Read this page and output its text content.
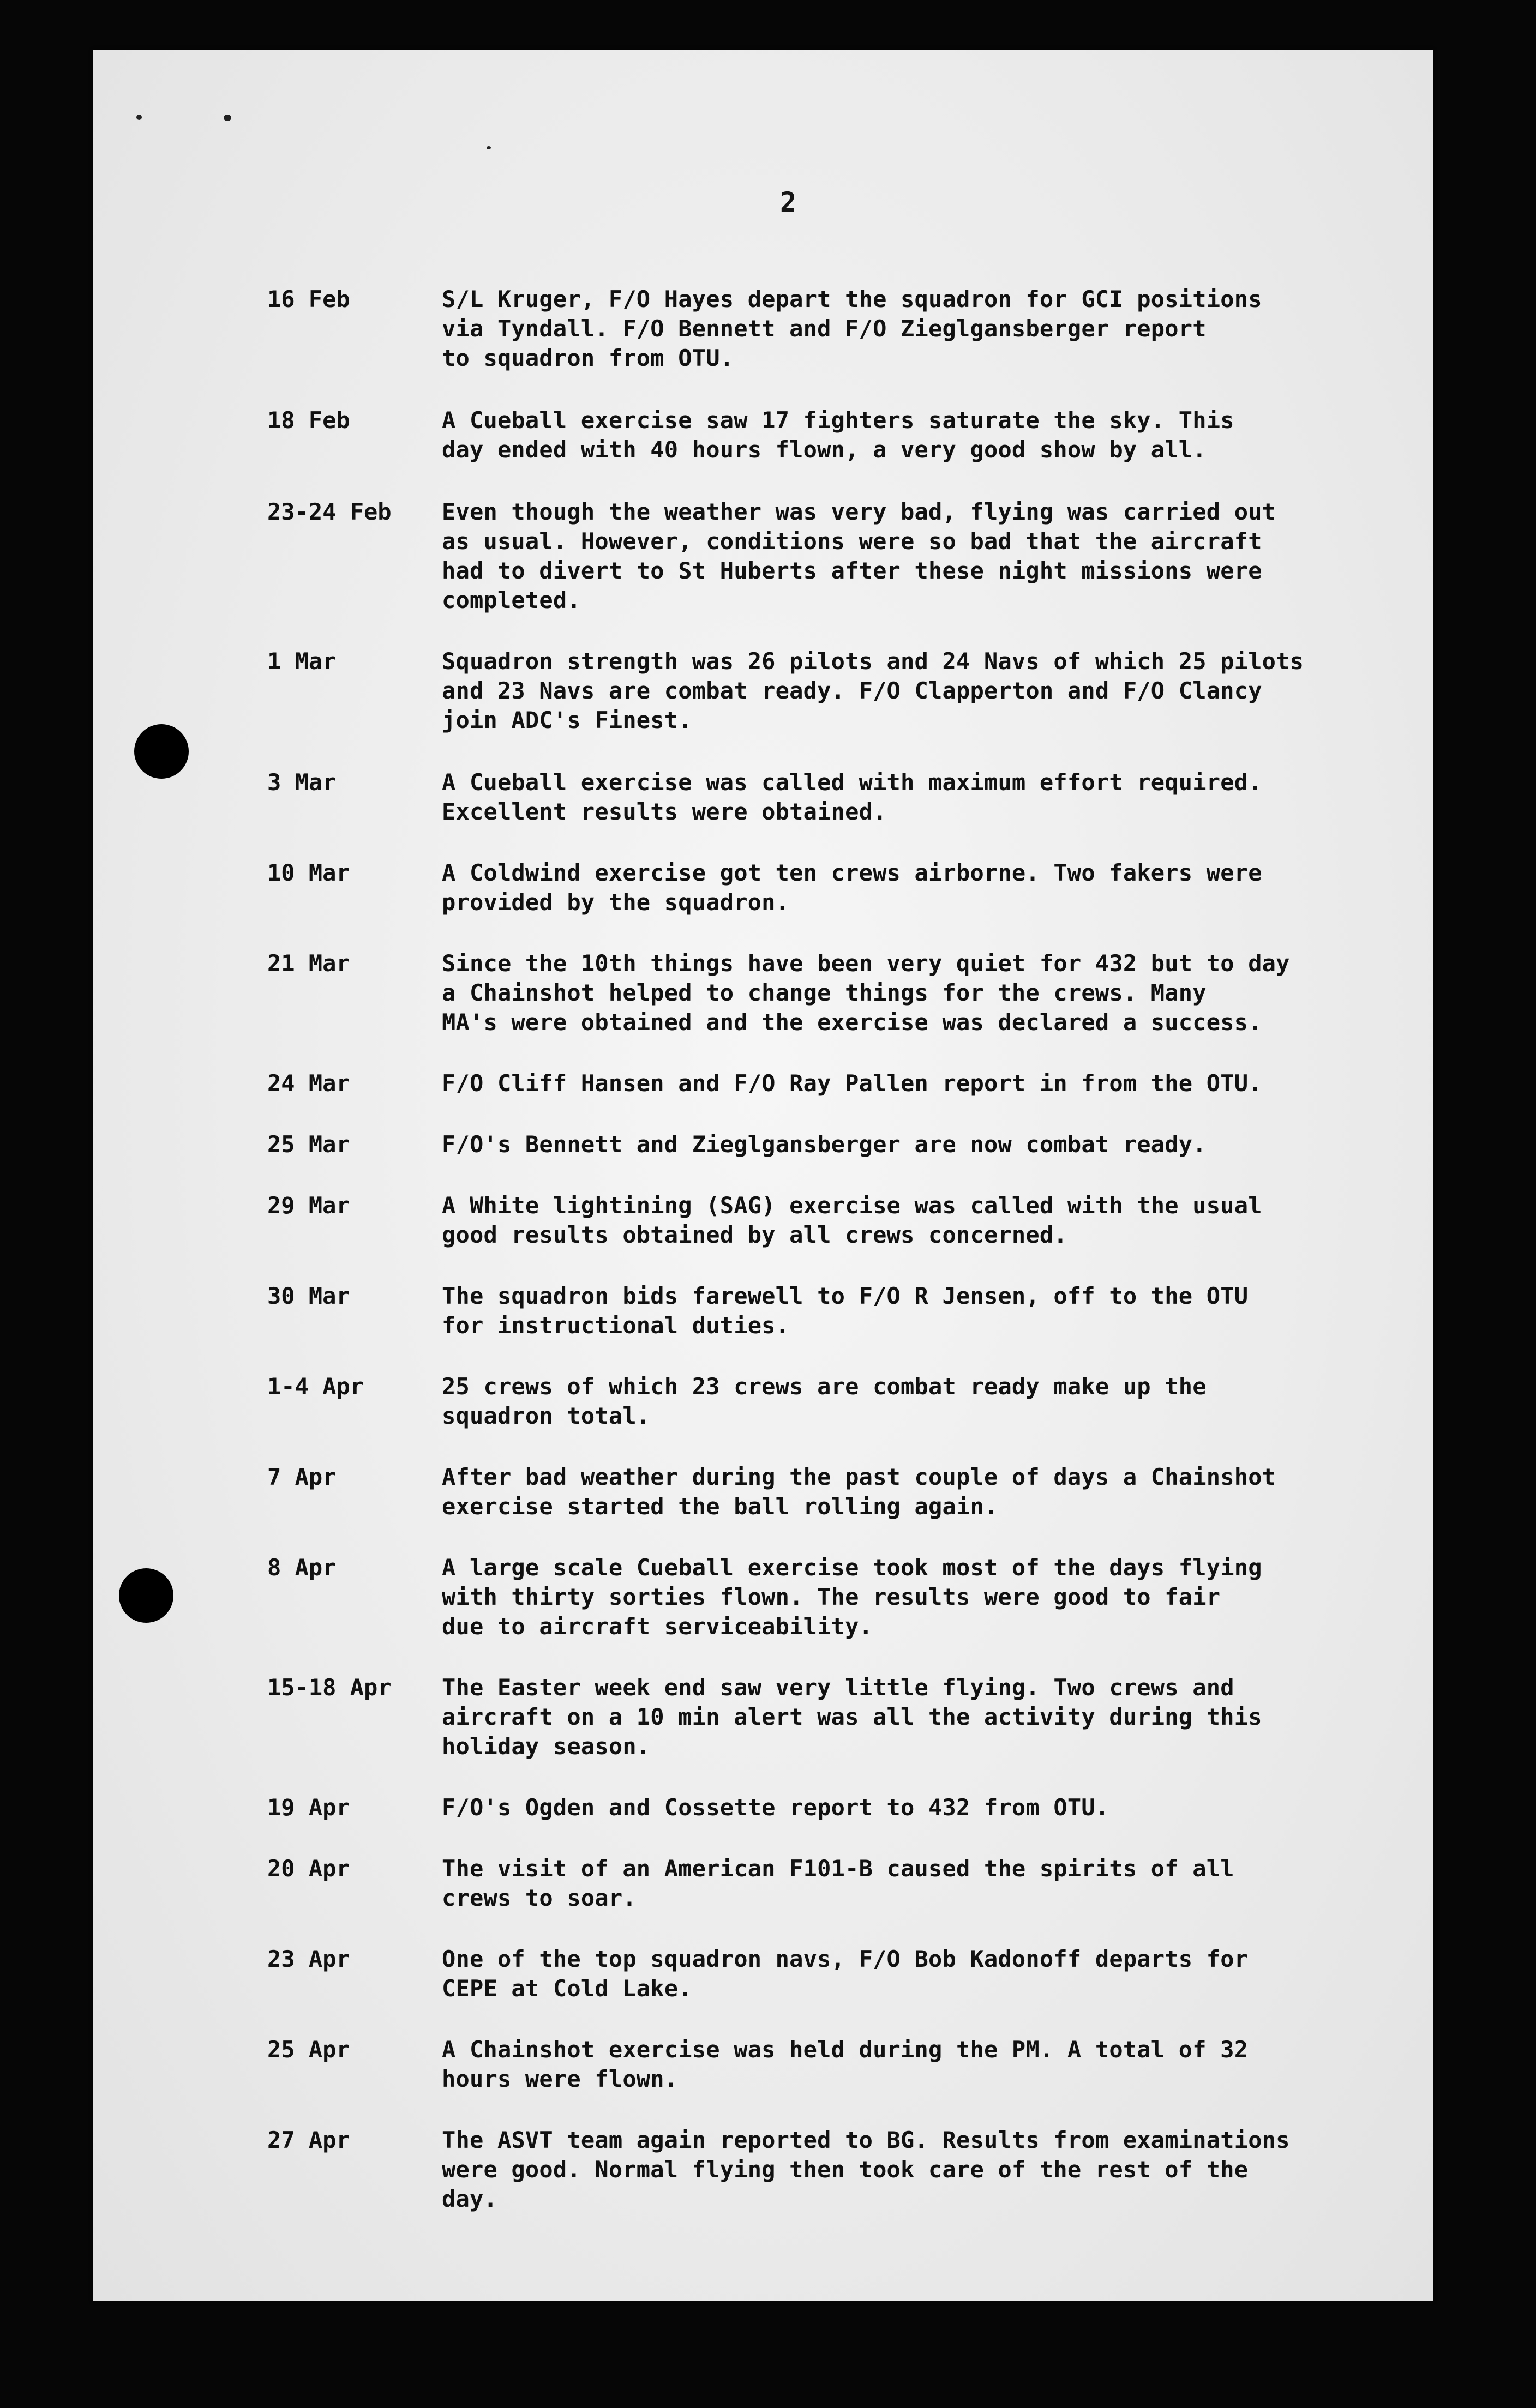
2
16 Feb	S/L Kruger, F/O Hayes depart the squadron for GCI positions
via Tyndall. F/O Bennett and F/O Zieglgansberger report
to squadron from OTU.
18 Feb	A Cueball exercise saw 17 fighters saturate the sky. This
day ended with 40 hours flown, a very good show by all.
23-24 Feb	Even though the weather was very bad, flying was carried out
as usual. However, conditions were so bad that the aircraft
had to divert to St Huberts after these night missions were
completed.
1 Mar	Squadron strength was 26 pilots and 24 Navs of which 25 pilots
and 23 Navs are combat ready. F/O Clapperton and F/O Clancy
join ADC's Finest.
3 Mar	A Cueball exercise was called with maximum effort required.
Excellent results were obtained.
10 Mar	A Coldwind exercise got ten crews airborne. Two fakers were
provided by the squadron.
21 Mar	Since the 10th things have been very quiet for 432 but to day
a Chainshot helped to change things for the crews. Many
MA's were obtained and the exercise was declared a success.
24 Mar	F/O Cliff Hansen and F/O Ray Pallen report in from the OTU.
25 Mar	F/O's Bennett and Zieglgansberger are now combat ready.
29 Mar	A White lightining (SAG) exercise was called with the usual
good results obtained by all crews concerned.
30 Mar	The squadron bids farewell to F/O R Jensen, off to the OTU
for instructional duties.
1-4 Apr	25 crews of which 23 crews are combat ready make up the
squadron total.
7 Apr	After bad weather during the past couple of days a Chainshot
exercise started the ball rolling again.
8 Apr	A large scale Cueball exercise took most of the days flying
with thirty sorties flown. The results were good to fair
due to aircraft serviceability.
15-18 Apr	The Easter week end saw very little flying. Two crews and
aircraft on a 10 min alert was all the activity during this
holiday season.
19 Apr	F/O's Ogden and Cossette report to 432 from OTU.
20 Apr	The visit of an American F101-B caused the spirits of all
crews to soar.
23 Apr	One of the top squadron navs, F/O Bob Kadonoff departs for
CEPE at Cold Lake.
25 Apr	A Chainshot exercise was held during the PM. A total of 32
hours were flown.
27 Apr	The ASVT team again reported to BG. Results from examinations
were good. Normal flying then took care of the rest of the
day.
